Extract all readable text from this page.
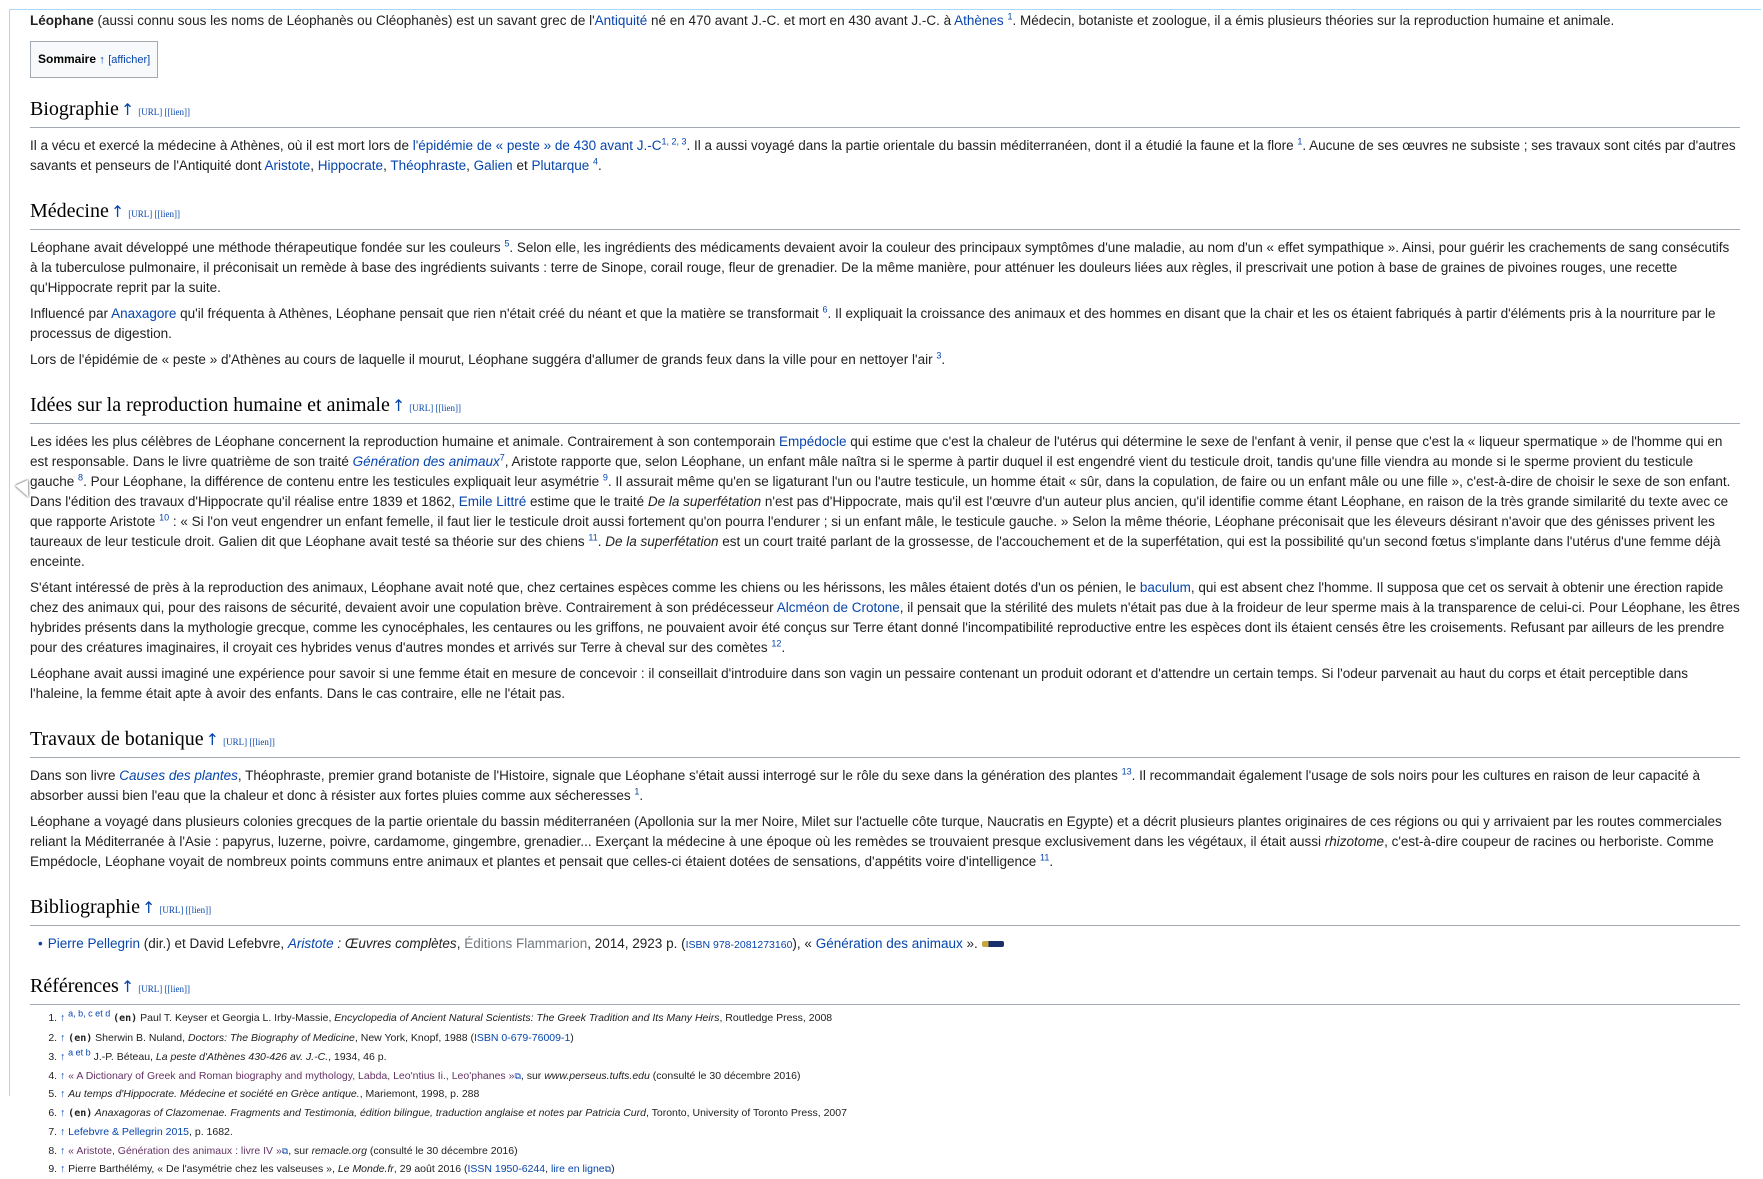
Léophane (aussi connu sous les noms de Léophanès ou Cléophanès) est un savant grec de l'Antiquité né en 470 avant J.-C. et mort en 430 avant J.-C. à Athènes $^1$. Médecin, botaniste et zoologue, il a émis plusieurs théories sur la reproduction humaine et animale.

Sommaire ↑ [afficher]
Biographie ↑ [URL] [[lien]]

Il a vécu et exercé la médecine à Athènes, où il est mort lors de l'épidémie de « peste » de 430 avant J.-C$^{1, 2, 3}$. Il a aussi voyagé dans la partie orientale du bassin méditerranéen, dont il a étudié la faune et la flore $^1$. Aucune de ses œuvres ne subsiste ; ses travaux sont cités par d'autres savants et penseurs de l'Antiquité dont Aristote, Hippocrate, Théophraste, Galien et Plutarque $^4$.

Médecine ↑ [URL] [[lien]]

Léophane avait développé une méthode thérapeutique fondée sur les couleurs $^5$. Selon elle, les ingrédients des médicaments devaient avoir la couleur des principaux symptômes d'une maladie, au nom d'un « effet sympathique ». Ainsi, pour guérir les crachements de sang consécutifs à la tuberculose pulmonaire, il préconisait un remède à base des ingrédients suivants : terre de Sinope, corail rouge, fleur de grenadier. De la même manière, pour atténuer les douleurs liées aux règles, il prescrivait une potion à base de graines de pivoines rouges, une recette qu'Hippocrate reprit par la suite.

Influencé par Anaxagore qu'il fréquenta à Athènes, Léophane pensait que rien n'était créé du néant et que la matière se transformait $^6$. Il expliquait la croissance des animaux et des hommes en disant que la chair et les os étaient fabriqués à partir d'éléments pris à la nourriture par le processus de digestion.

Lors de l'épidémie de « peste » d'Athènes au cours de laquelle il mourut, Léophane suggéra d'allumer de grands feux dans la ville pour en nettoyer l'air $^3$.

Idées sur la reproduction humaine et animale ↑ [URL] [[lien]]

Les idées les plus célèbres de Léophane concernent la reproduction humaine et animale. Contrairement à son contemporain Empédocle qui estime que c'est la chaleur de l'utérus qui détermine le sexe de l'enfant à venir, il pense que c'est la « liqueur spermatique » de l'homme qui en est responsable. Dans le livre quatrième de son traité Génération des animaux$^7$, Aristote rapporte que, selon Léophane, un enfant mâle naîtra si le sperme à partir duquel il est engendré vient du testicule droit, tandis qu'une fille viendra au monde si le sperme provient du testicule gauche $^8$. Pour Léophane, la différence de contenu entre les testicules expliquait leur asymétrie $^9$. Il assurait même qu'en se ligaturant l'un ou l'autre testicule, un homme était « sûr, dans la copulation, de faire ou un enfant mâle ou une fille », c'est-à-dire de choisir le sexe de son enfant. Dans l'édition des travaux d'Hippocrate qu'il réalise entre 1839 et 1862, Emile Littré estime que le traité De la superfétation n'est pas d'Hippocrate, mais qu'il est l'œuvre d'un auteur plus ancien, qu'il identifie comme étant Léophane, en raison de la très grande similarité du texte avec ce que rapporte Aristote $^{10}$ : « Si l'on veut engendrer un enfant femelle, il faut lier le testicule droit aussi fortement qu'on pourra l'endurer ; si un enfant mâle, le testicule gauche. » Selon la même théorie, Léophane préconisait que les éleveurs désirant n'avoir que des génisses privent les taureaux de leur testicule droit. Galien dit que Léophane avait testé sa théorie sur des chiens $^{11}$. De la superfétation est un court traité parlant de la grossesse, de l'accouchement et de la superfétation, qui est la possibilité qu'un second fœtus s'implante dans l'utérus d'une femme déjà enceinte.

S'étant intéressé de près à la reproduction des animaux, Léophane avait noté que, chez certaines espèces comme les chiens ou les hérissons, les mâles étaient dotés d'un os pénien, le baculum, qui est absent chez l'homme. Il supposa que cet os servait à obtenir une érection rapide chez des animaux qui, pour des raisons de sécurité, devaient avoir une copulation brève. Contrairement à son prédécesseur Alcméon de Crotone, il pensait que la stérilité des mulets n'était pas due à la froideur de leur sperme mais à la transparence de celui-ci. Pour Léophane, les êtres hybrides présents dans la mythologie grecque, comme les cynocéphales, les centaures ou les griffons, ne pouvaient avoir été conçus sur Terre étant donné l'incompatibilité reproductive entre les espèces dont ils étaient censés être les croisements. Refusant par ailleurs de les prendre pour des créatures imaginaires, il croyait ces hybrides venus d'autres mondes et arrivés sur Terre à cheval sur des comètes $^{12}$.

Léophane avait aussi imaginé une expérience pour savoir si une femme était en mesure de concevoir : il conseillait d'introduire dans son vagin un pessaire contenant un produit odorant et d'attendre un certain temps. Si l'odeur parvenait au haut du corps et était perceptible dans l'haleine, la femme était apte à avoir des enfants. Dans le cas contraire, elle ne l'était pas.

Travaux de botanique ↑ [URL] [[lien]]

Dans son livre Causes des plantes, Théophraste, premier grand botaniste de l'Histoire, signale que Léophane s'était aussi interrogé sur le rôle du sexe dans la génération des plantes $^{13}$. Il recommandait également l'usage de sols noirs pour les cultures en raison de leur capacité à absorber aussi bien l'eau que la chaleur et donc à résister aux fortes pluies comme aux sécheresses $^1$.

Léophane a voyagé dans plusieurs colonies grecques de la partie orientale du bassin méditerranéen (Apollonia sur la mer Noire, Milet sur l'actuelle côte turque, Naucratis en Egypte) et a décrit plusieurs plantes originaires de ces régions ou qui y arrivaient par les routes commerciales reliant la Méditerranée à l'Asie : papyrus, luzerne, poivre, cardamome, gingembre, grenadier... Exerçant la médecine à une époque où les remèdes se trouvaient presque exclusivement dans les végétaux, il était aussi rhizotome, c'est-à-dire coupeur de racines ou herboriste. Comme Empédocle, Léophane voyait de nombreux points communs entre animaux et plantes et pensait que celles-ci étaient dotées de sensations, d'appétits voire d'intelligence $^{11}$.

Bibliographie ↑ [URL] [[lien]]
• Pierre Pellegrin (dir.) et David Lefebvre, Aristote : Œuvres complètes, Éditions Flammarion, 2014, 2923 p. (ISBN 978-2081273160), « Génération des animaux ».
Références ↑ [URL] [[lien]]
1. ↑ $^{a, b, c et d}$ (en) Paul T. Keyser et Georgia L. Irby-Massie, Encyclopedia of Ancient Natural Scientists: The Greek Tradition and Its Many Heirs, Routledge Press, 2008
2. ↑ (en) Sherwin B. Nuland, Doctors: The Biography of Medicine, New York, Knopf, 1988 (ISBN 0-679-76009-1)
3. ↑ $^{a et b}$ J.-P. Béteau, La peste d'Athènes 430-426 av. J.-C., 1934, 46 p.
4. ↑ « A Dictionary of Greek and Roman biography and mythology, Labda, Leo'ntius Ii., Leo'phanes »⧉, sur www.perseus.tufts.edu (consulté le 30 décembre 2016)
5. ↑ Au temps d'Hippocrate. Médecine et société en Grèce antique., Mariemont, 1998, p. 288
6. ↑ (en) Anaxagoras of Clazomenae. Fragments and Testimonia, édition bilingue, traduction anglaise et notes par Patricia Curd, Toronto, University of Toronto Press, 2007
7. ↑ Lefebvre & Pellegrin 2015, p. 1682.
8. ↑ « Aristote, Génération des animaux : livre IV »⧉, sur remacle.org (consulté le 30 décembre 2016)
9. ↑ Pierre Barthélémy, « De l'asymétrie chez les valseuses », Le Monde.fr, 29 août 2016 (ISSN 1950-6244, lire en ligne⧉)
